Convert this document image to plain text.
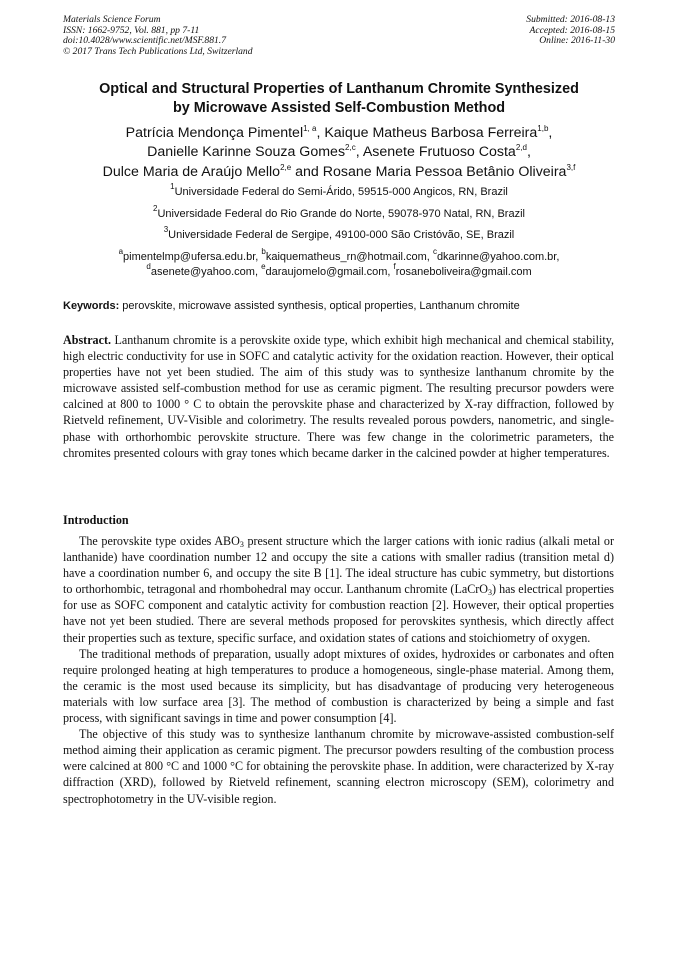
Materials Science Forum
ISSN: 1662-9752, Vol. 881, pp 7-11
doi:10.4028/www.scientific.net/MSF.881.7
© 2017 Trans Tech Publications Ltd, Switzerland
Submitted: 2016-08-13
Accepted: 2016-08-15
Online: 2016-11-30
Optical and Structural Properties of Lanthanum Chromite Synthesized
by Microwave Assisted Self-Combustion Method
Patrícia Mendonça Pimentel$^{1, a}$, Kaique Matheus Barbosa Ferreira$^{1,b}$,
Danielle Karinne Souza Gomes$^{2,c}$, Asenete Frutuoso Costa$^{2,d}$,
Dulce Maria de Araújo Mello$^{2,e}$ and Rosane Maria Pessoa Betânio Oliveira$^{3,f}$
$^1$Universidade Federal do Semi-Árido, 59515-000 Angicos, RN, Brazil
$^2$Universidade Federal do Rio Grande do Norte, 59078-970 Natal, RN, Brazil
$^3$Universidade Federal de Sergipe, 49100-000 São Cristóvão, SE, Brazil
$^a$pimentelmp@ufersa.edu.br, $^b$kaiquematheus_rn@hotmail.com, $^c$dkarinne@yahoo.com.br,
$^d$asenete@yahoo.com, $^e$daraujomelo@gmail.com, $^f$rosaneboliveira@gmail.com
Keywords: perovskite, microwave assisted synthesis, optical properties, Lanthanum chromite
Abstract. Lanthanum chromite is a perovskite oxide type, which exhibit high mechanical and chemical stability, high electric conductivity for use in SOFC and catalytic activity for the oxidation reaction. However, their optical properties have not yet been studied. The aim of this study was to synthesize lanthanum chromite by the microwave assisted self-combustion method for use as ceramic pigment. The resulting precursor powders were calcined at 800 to 1000 ° C to obtain the perovskite phase and characterized by X-ray diffraction, followed by Rietveld refinement, UV-Visible and colorimetry. The results revealed porous powders, nanometric, and single-phase with orthorhombic perovskite structure. There was few change in the colorimetric parameters, the chromites presented colours with gray tones which became darker in the calcined powder at higher temperatures.
Introduction

The perovskite type oxides $ABO_3$ present structure which the larger cations with ionic radius (alkali metal or lanthanide) have coordination number 12 and occupy the site a cations with smaller radius (transition metal d) have a coordination number 6, and occupy the site B [1]. The ideal structure has cubic symmetry, but distortions to orthorhombic, tetragonal and rhombohedral may occur. Lanthanum chromite (LaCrO$_3$) has electrical properties for use as SOFC component and catalytic activity for combustion reaction [2]. However, their optical properties have not yet been studied. There are several methods proposed for perovskites synthesis, which directly affect their properties such as texture, specific surface, and oxidation states of cations and stoichiometry of oxygen.

The traditional methods of preparation, usually adopt mixtures of oxides, hydroxides or carbonates and often require prolonged heating at high temperatures to produce a homogeneous, single-phase material. Among them, the ceramic is the most used because its simplicity, but has disadvantage of producing very heterogeneous materials with low surface area [3]. The method of combustion is characterized by being a simple and fast process, with significant savings in time and power consumption [4].

The objective of this study was to synthesize lanthanum chromite by microwave-assisted combustion-self method aiming their application as ceramic pigment. The precursor powders resulting of the combustion process were calcined at 800 °C and 1000 °C for obtaining the perovskite phase. In addition, were characterized by X-ray diffraction (XRD), followed by Rietveld refinement, scanning electron microscopy (SEM), colorimetry and spectrophotometry in the UV-visible region.
